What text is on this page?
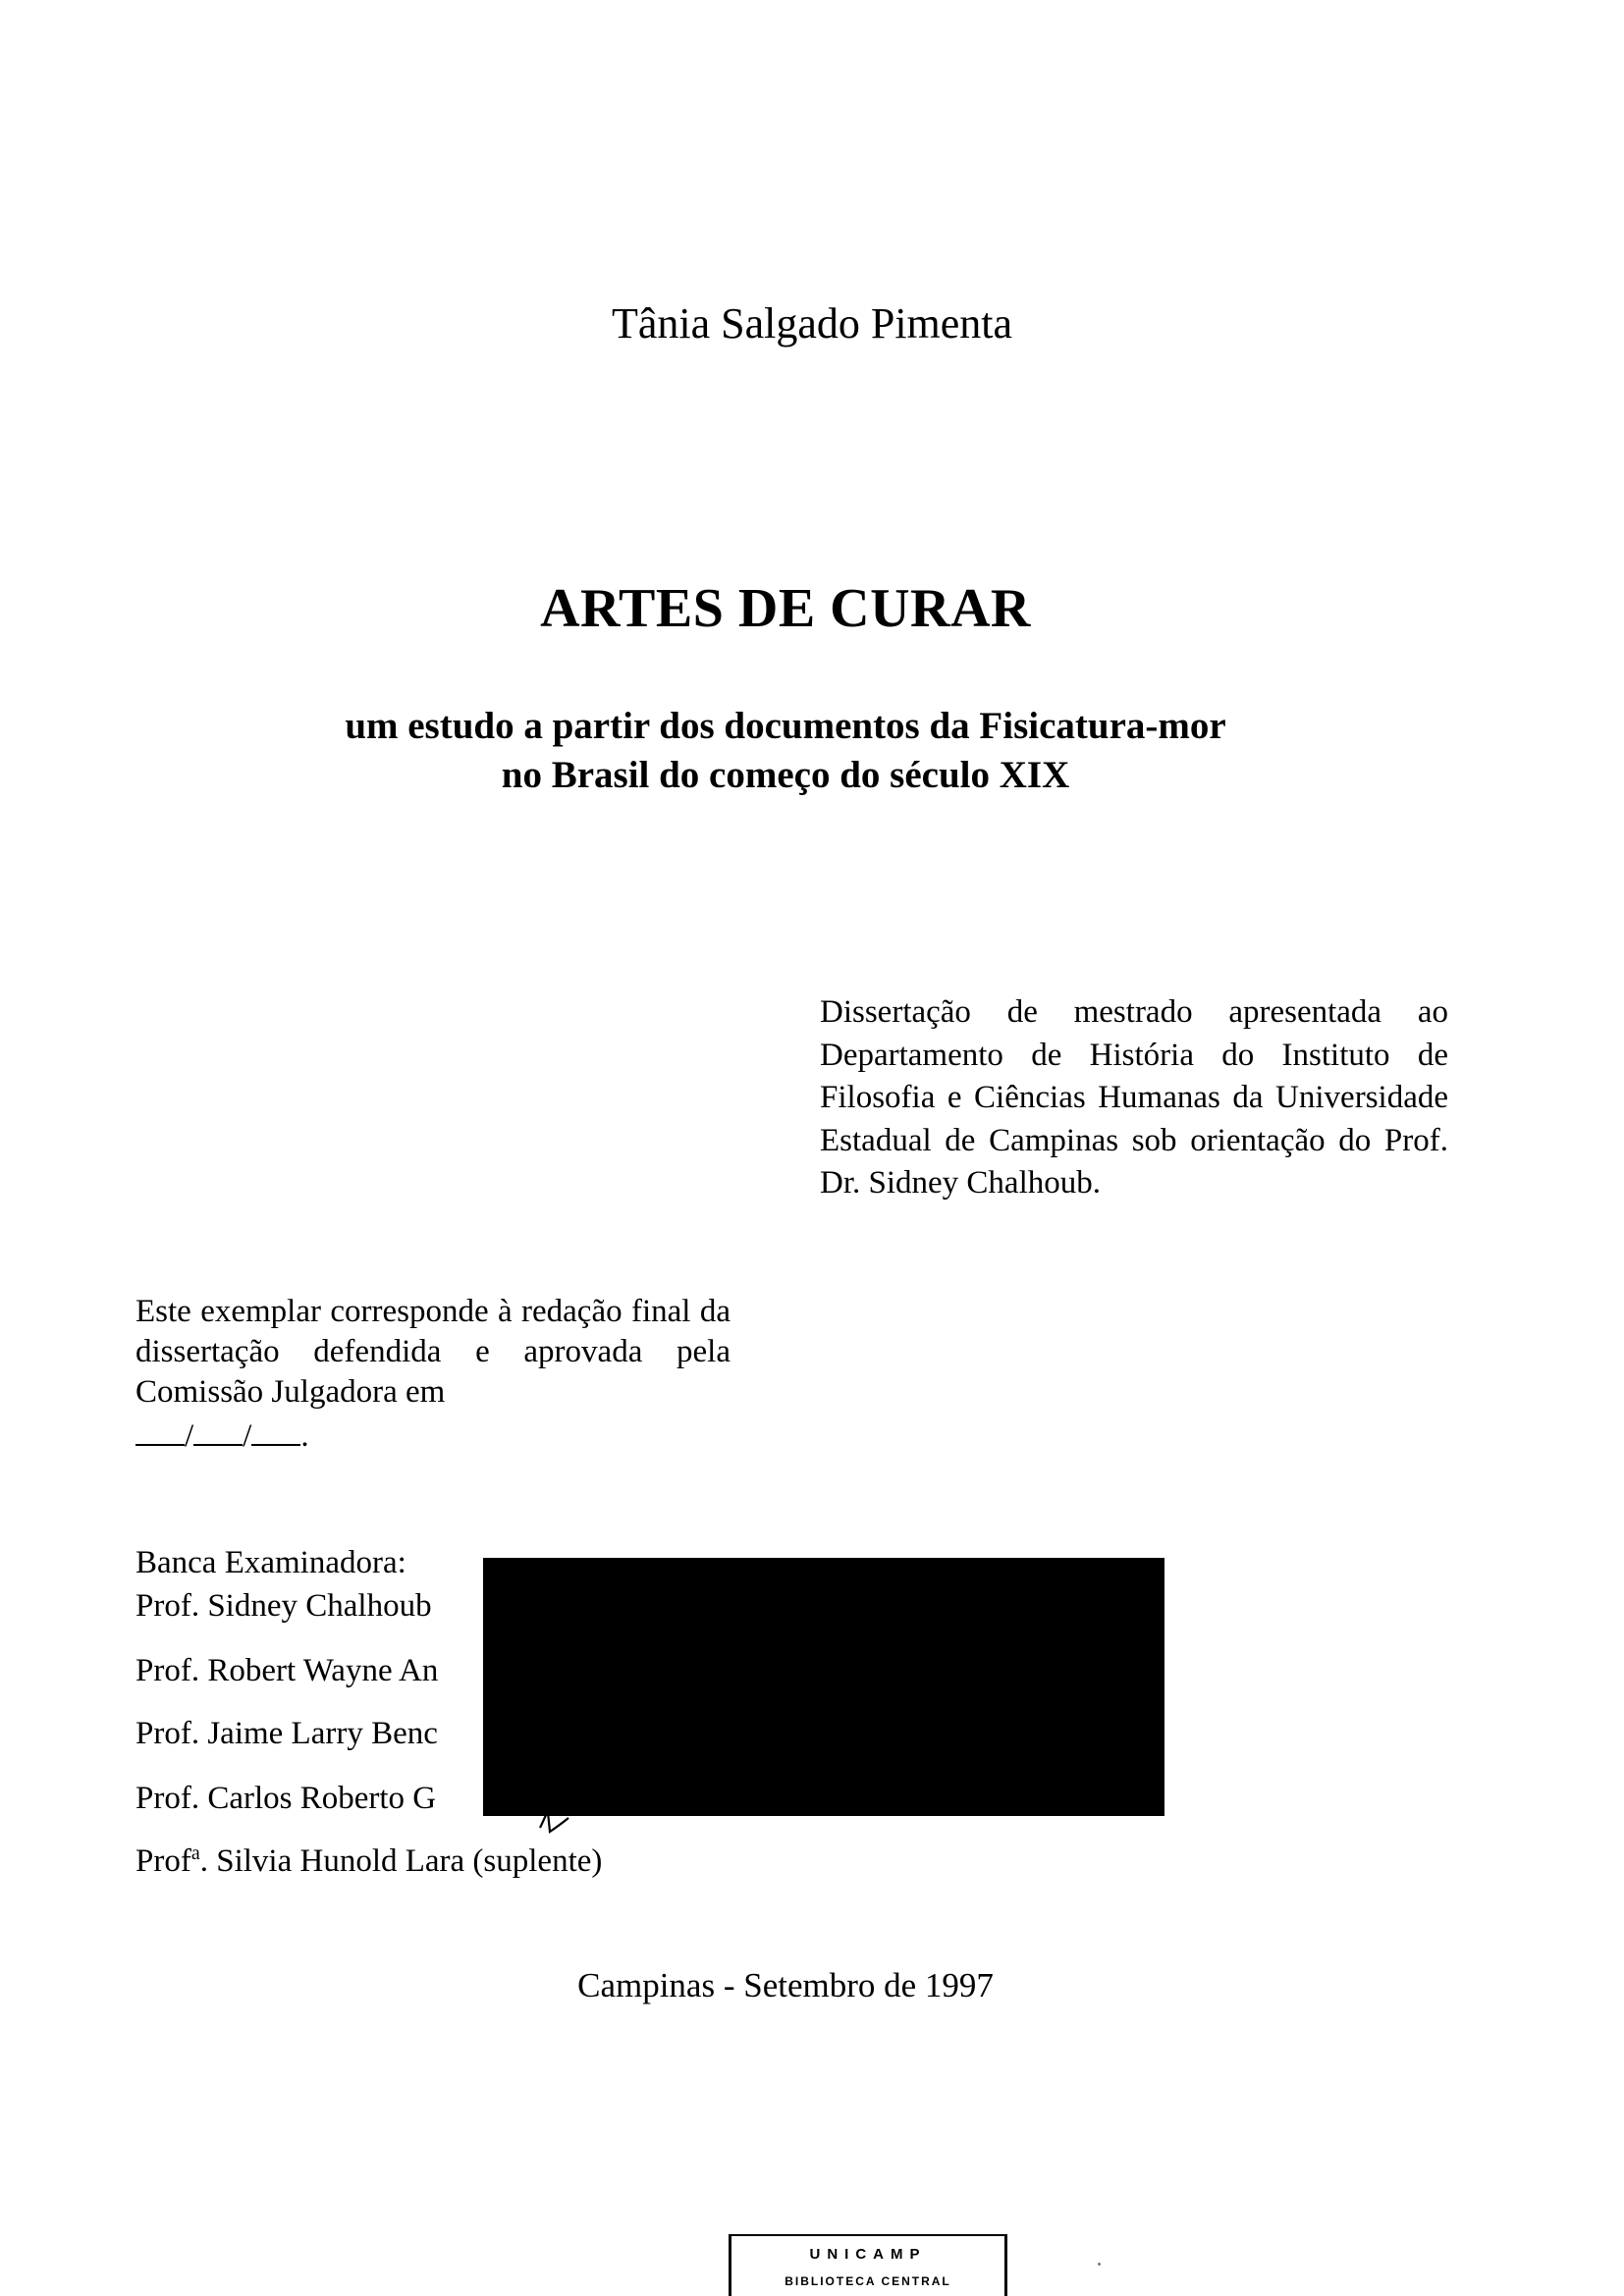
Tânia Salgado Pimenta
ARTES DE CURAR
um estudo a partir dos documentos da Fisicatura-mor
no Brasil do começo do século XIX
Dissertação de mestrado apresentada ao Departamento de História do Instituto de Filosofia e Ciências Humanas da Universidade Estadual de Campinas sob orientação do Prof. Dr. Sidney Chalhoub.
Este exemplar corresponde à redação final da dissertação defendida e aprovada pela Comissão Julgadora em
/ / .
Banca Examinadora:
Prof. Sidney Chalhoub
Prof. Robert Wayne An
Prof. Jaime Larry Benc
Prof. Carlos Roberto G
Prof$^a$. Silvia Hunold Lara (suplente)
Campinas - Setembro de 1997
UNICAMP
BIBLIOTECA CENTRAL
